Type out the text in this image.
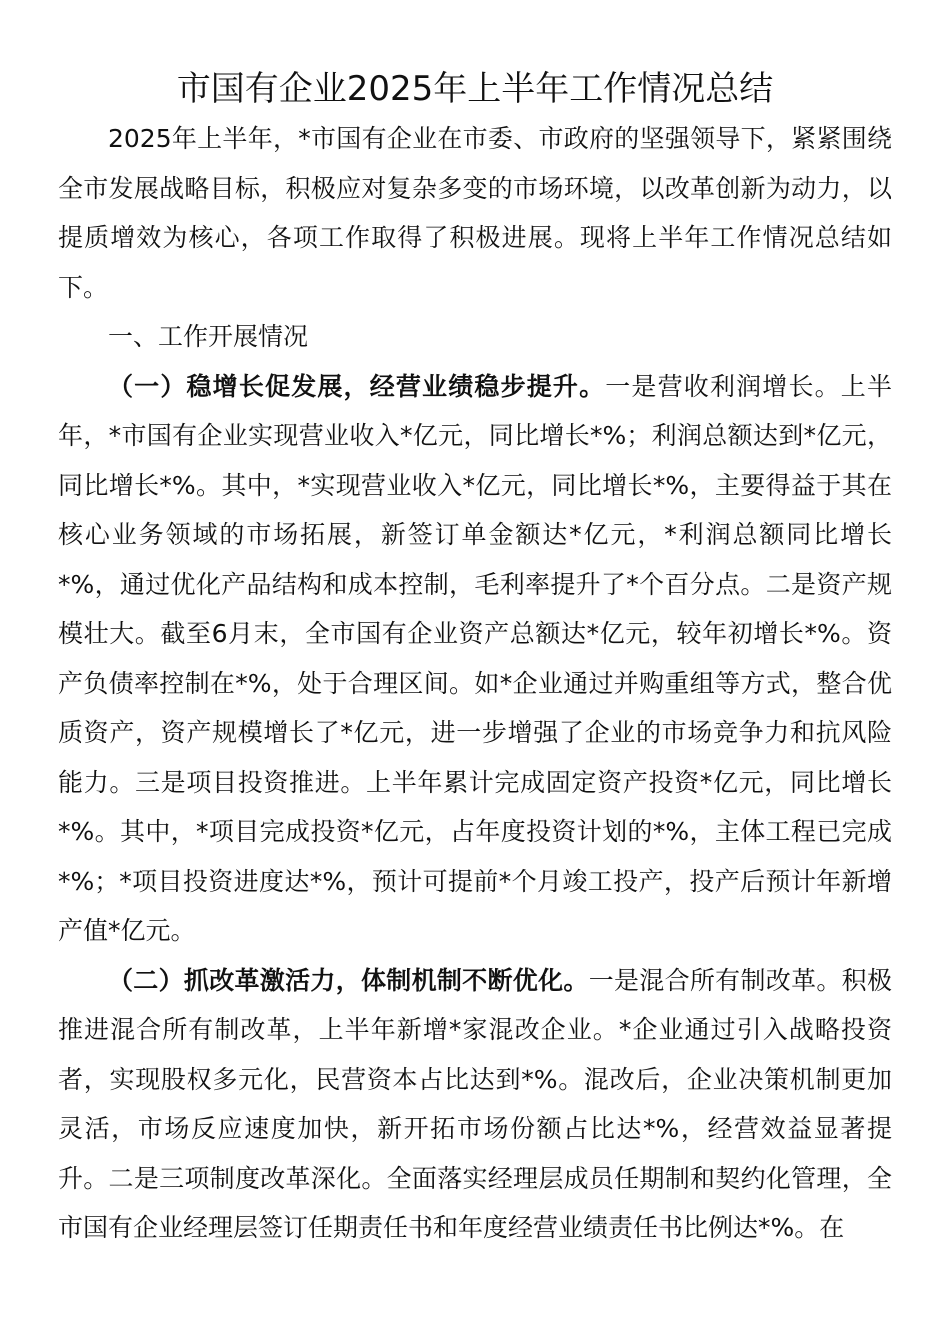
市国有企业2025年上半年工作情况总结

2025年上半年，*市国有企业在市委、市政府的坚强领导下，紧紧围绕全市发展战略目标，积极应对复杂多变的市场环境，以改革创新为动力，以提质增效为核心，各项工作取得了积极进展。现将上半年工作情况总结如下。

一、工作开展情况

（一）稳增长促发展，经营业绩稳步提升。一是营收利润增长。上半年，*市国有企业实现营业收入*亿元，同比增长*%；利润总额达到*亿元，同比增长*%。其中，*实现营业收入*亿元，同比增长*%，主要得益于其在核心业务领域的市场拓展，新签订单金额达*亿元，*利润总额同比增长*%，通过优化产品结构和成本控制，毛利率提升了*个百分点。二是资产规模壮大。截至6月末，全市国有企业资产总额达*亿元，较年初增长*%。资产负债率控制在*%，处于合理区间。如*企业通过并购重组等方式，整合优质资产，资产规模增长了*亿元，进一步增强了企业的市场竞争力和抗风险能力。三是项目投资推进。上半年累计完成固定资产投资*亿元，同比增长*%。其中，*项目完成投资*亿元，占年度投资计划的*%，主体工程已完成*%；*项目投资进度达*%，预计可提前*个月竣工投产，投产后预计年新增产值*亿元。

（二）抓改革激活力，体制机制不断优化。一是混合所有制改革。积极推进混合所有制改革，上半年新增*家混改企业。*企业通过引入战略投资者，实现股权多元化，民营资本占比达到*%。混改后，企业决策机制更加灵活，市场反应速度加快，新开拓市场份额占比达*%，经营效益显著提升。二是三项制度改革深化。全面落实经理层成员任期制和契约化管理，全市国有企业经理层签订任期责任书和年度经营业绩责任书比例达*%。在
